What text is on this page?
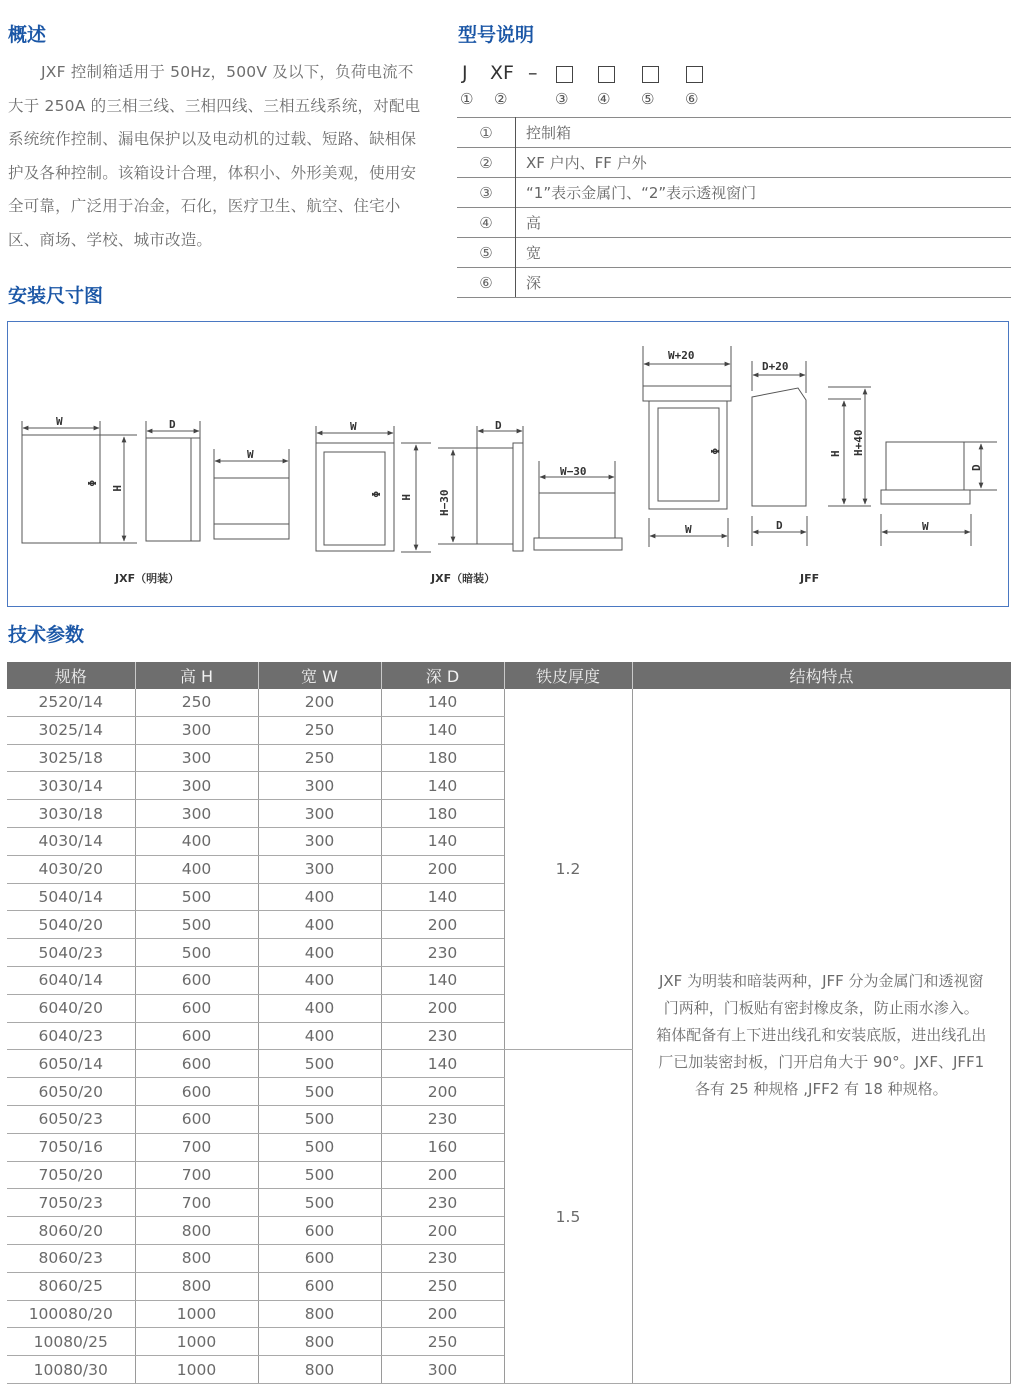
概述
JXF 控制箱适用于 50Hz，500V 及以下，负荷电流不大于 250A 的三相三线、三相四线、三相五线系统，对配电系统统作控制、漏电保护以及电动机的过载、短路、缺相保护及各种控制。该箱设计合理，体积小、外形美观，使用安全可靠，广泛用于冶金，石化，医疗卫生、航空、住宅小区、商场、学校、城市改造。
型号说明
J XF –
① ②	③ ④ ⑤ ⑥
①	控制箱
②	XF 户内、FF 户外
③	“1”表示金属门、“2”表示透视窗门
④	高
⑤	宽
⑥	深
安装尺寸图
W
Φ
H
D
W
W
Φ H H−30
D
W−30
W+20
Φ
W
D+20
D
H H+40
D
W
JXF（明装）	JXF（暗装）	JFF
技术参数
规格	高 H	宽 W	深 D	铁皮厚度	结构特点
2520/14	250	200	140	1.2	JXF 为明装和暗装两种，JFF 分为金属门和透视窗门两种，门板贴有密封橡皮条，防止雨水渗入。
箱体配备有上下进出线孔和安装底版，进出线孔出厂已加装密封板，门开启角大于 90°。JXF、JFF1 各有 25 种规格 ,JFF2 有 18 种规格。

3025/14	300	250	140		
3025/18	300	250	180		
3030/14	300	300	140		
3030/18	300	300	180		
4030/14	400	300	140		
4030/20	400	300	200		
5040/14	500	400	140		
5040/20	500	400	200		
5040/23	500	400	230		
6040/14	600	400	140		
6040/20	600	400	200		
6040/23	600	400	230		
6050/14	600	500	140	1.5	
6050/20	600	500	200		
6050/23	600	500	230		
7050/16	700	500	160		
7050/20	700	500	200		
7050/23	700	500	230		
8060/20	800	600	200		
8060/23	800	600	230		
8060/25	800	600	250		
100080/20	1000	800	200		
10080/25	1000	800	250		
10080/30	1000	800	300		
